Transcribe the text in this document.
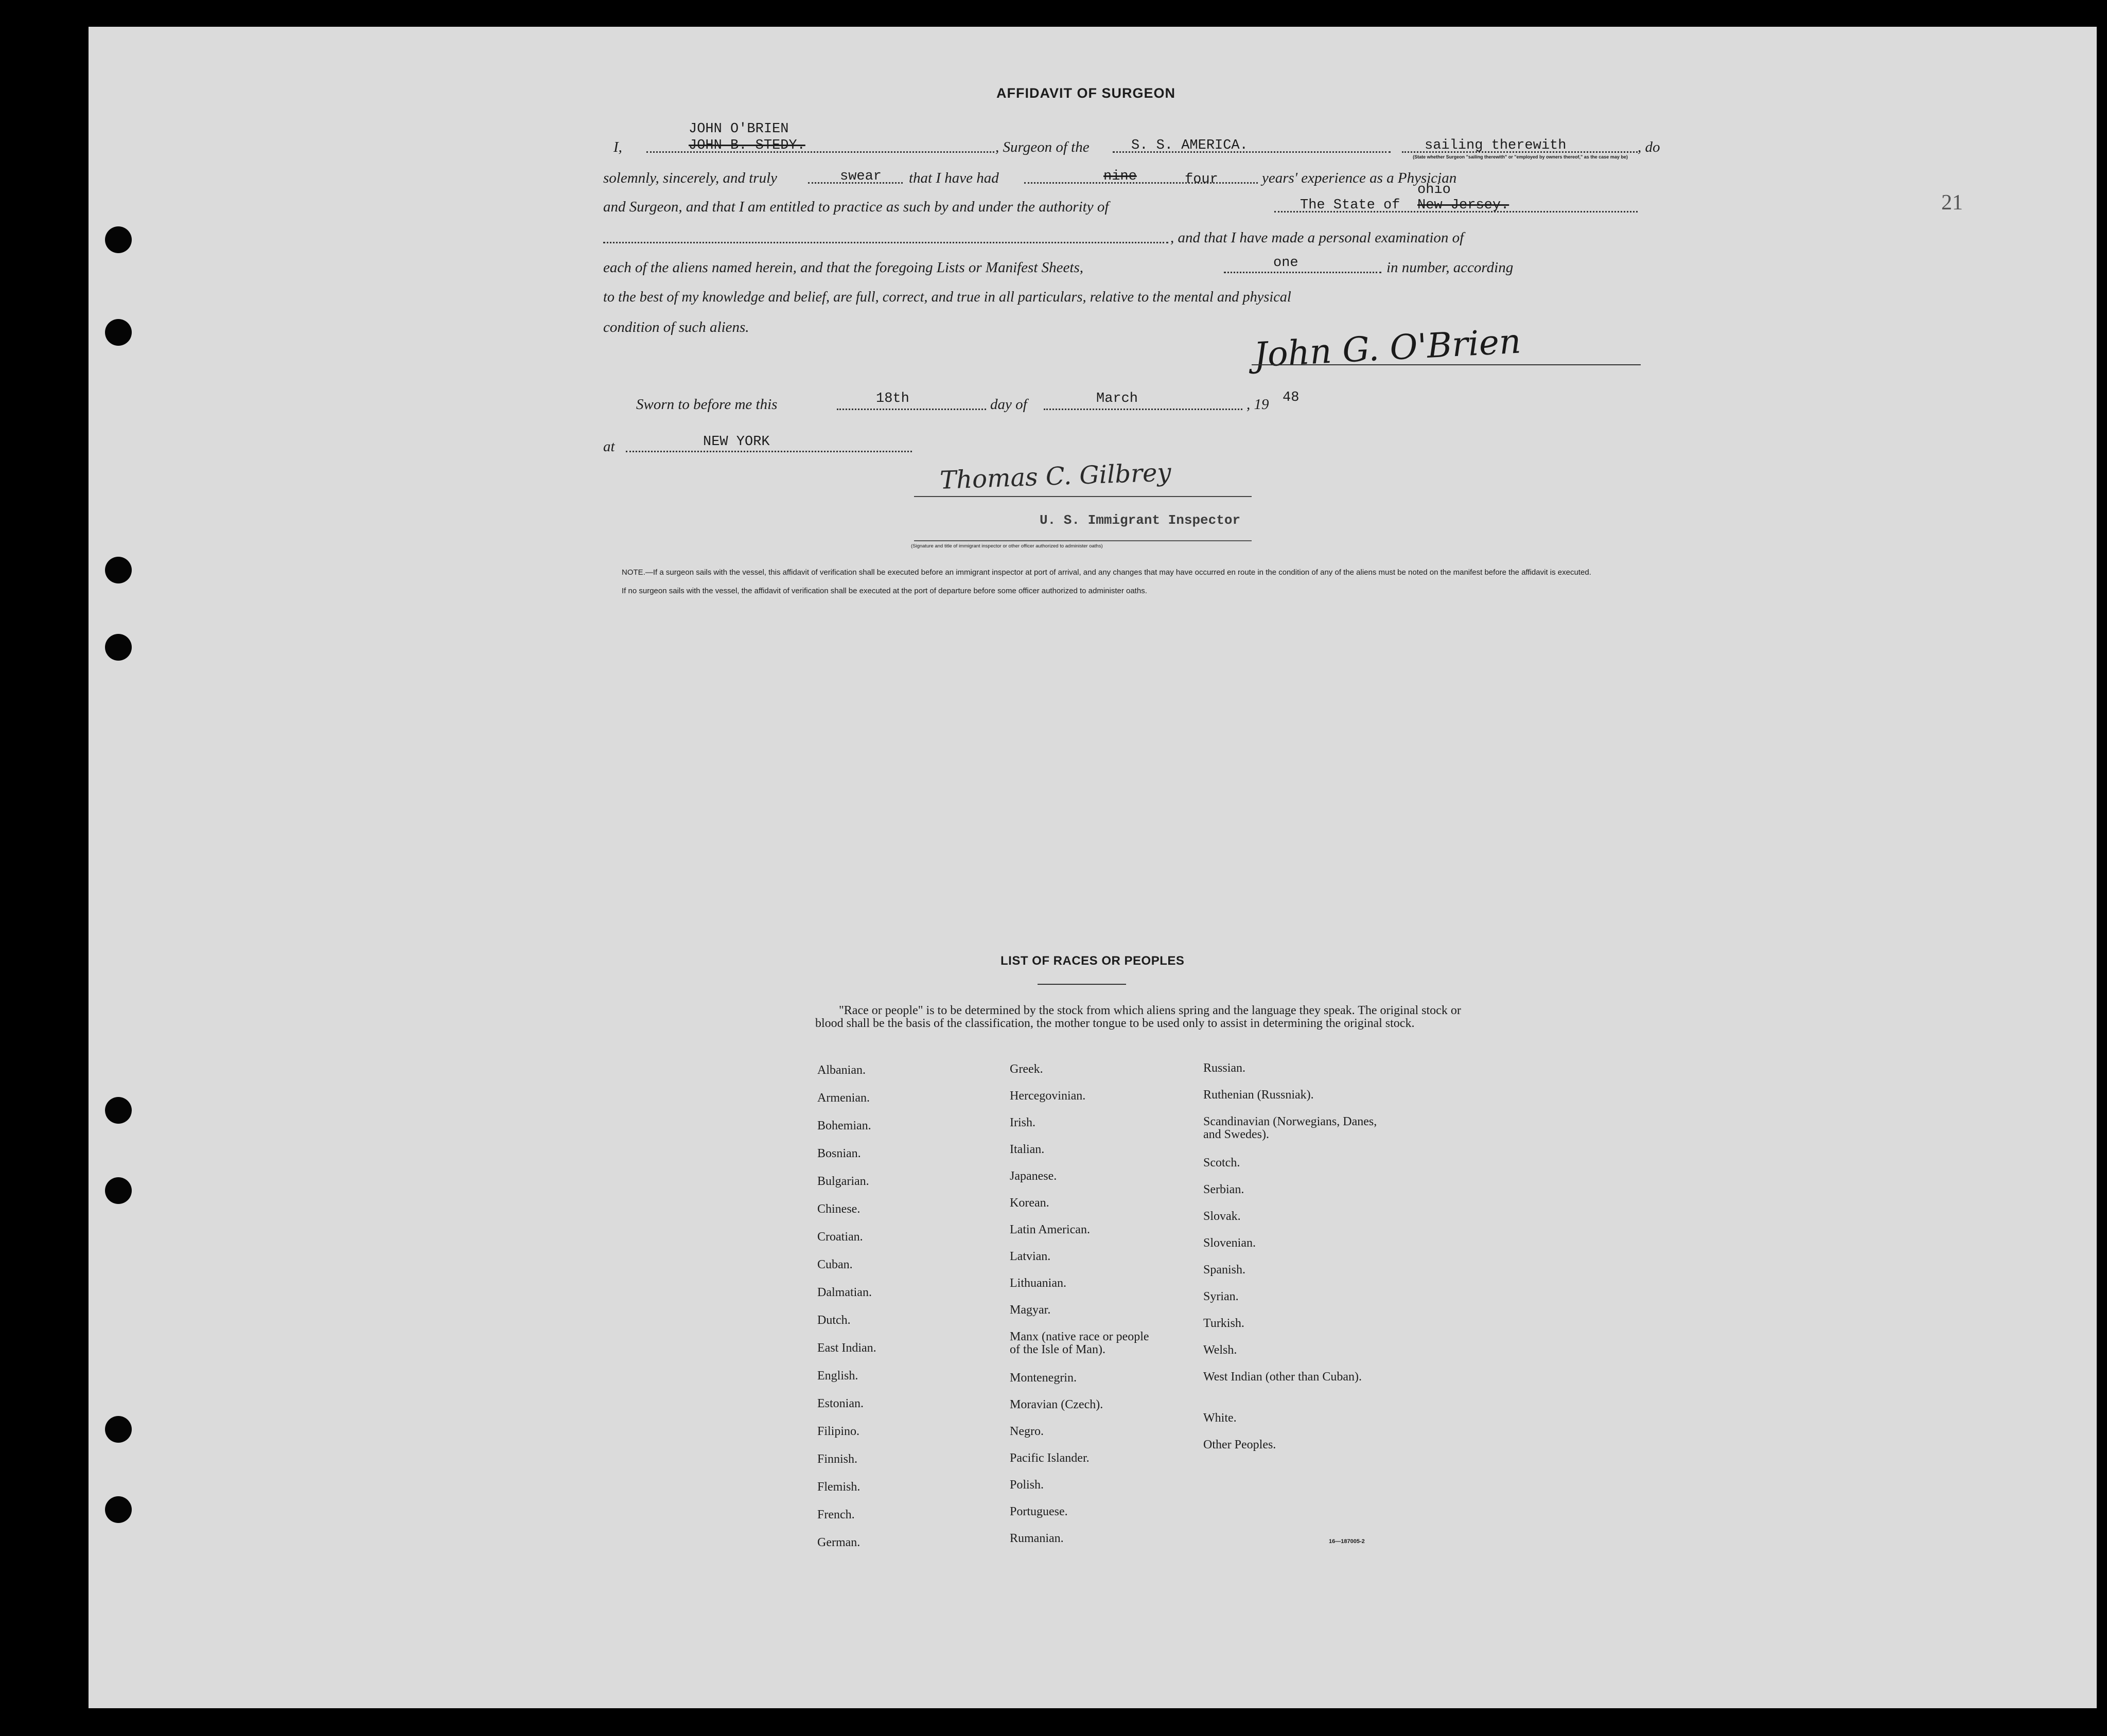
21
AFFIDAVIT OF SURGEON
I,
JOHN O'BRIEN
JOHN B. STEDY.	, Surgeon of the	S. S. AMERICA.	sailing therewith	, do
(State whether Surgeon "sailing therewith" or "employed by owners thereof," as the case may be)
solemnly, sincerely, and truly	swear that I have had	nine	four	years' experience as a Physician
and Surgeon, and that I am entitled to practice as such by and under the authority of	The State of
ohio
New Jersey.
, and that I have made a personal examination of
each of the aliens named herein, and that the foregoing Lists or Manifest Sheets,	one	in number, according
to the best of my knowledge and belief, are full, correct, and true in all particulars, relative to the mental and physical
condition of such aliens.	John G. O'Brien
Sworn to before me this	18th	day of	March	, 19 48
at	NEW YORK
Thomas C. Gilbrey
U. S. Immigrant Inspector
(Signature and title of immigrant inspector or other officer authorized to administer oaths)
NOTE.—If a surgeon sails with the vessel, this affidavit of verification shall be executed before an immigrant inspector at port of arrival, and any changes that may have occurred en route in the condition of any of the aliens must be noted on the manifest before the affidavit is executed.
If no surgeon sails with the vessel, the affidavit of verification shall be executed at the port of departure before some officer authorized to administer oaths.
LIST OF RACES OR PEOPLES
"Race or people" is to be determined by the stock from which aliens spring and the language they speak. The original stock or blood shall be the basis of the classification, the mother tongue to be used only to assist in determining the original stock.
Albanian.
Armenian.
Bohemian.
Bosnian.
Bulgarian.
Chinese.
Croatian.
Cuban.
Dalmatian.
Dutch.
East Indian.
English.
Estonian.
Filipino.
Finnish.
Flemish.
French.
German.
Greek.
Hercegovinian.
Irish.
Italian.
Japanese.
Korean.
Latin American.
Latvian.
Lithuanian.
Magyar.
Manx (native race or people of the Isle of Man).
Montenegrin.
Moravian (Czech).
Negro.
Pacific Islander.
Polish.
Portuguese.
Rumanian.
Russian.
Ruthenian (Russniak).
Scandinavian (Norwegians, Danes, and Swedes).
Scotch.
Serbian.
Slovak.
Slovenian.
Spanish.
Syrian.
Turkish.
Welsh.
West Indian (other than Cuban).
White.
Other Peoples.
16—187005-2
